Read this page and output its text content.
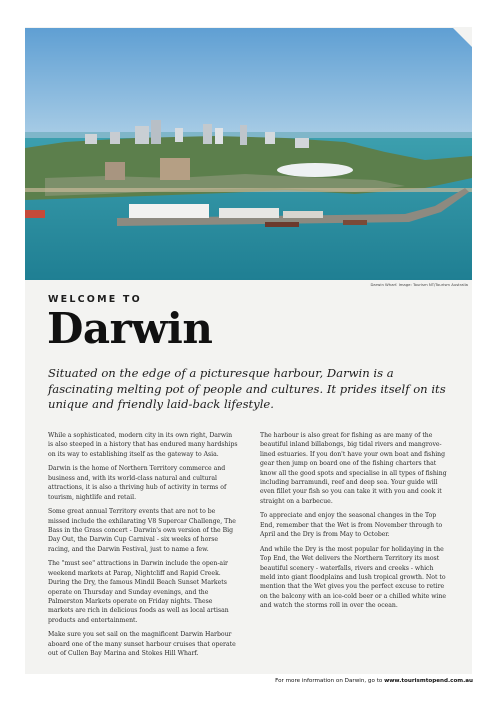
Darwin Wharf. Image: Tourism NT/Tourism Australia
WELCOME TO
Darwin

Situated on the edge of a picturesque harbour, Darwin is a fascinating melting pot of people and cultures. It prides itself on its unique and friendly laid-back lifestyle.

While a sophisticated, modern city in its own right, Darwin is also steeped in a history that has endured many hardships on its way to establishing itself as the gateway to Asia.

Darwin is the home of Northern Territory commerce and business and, with its world-class natural and cultural attractions, it is also a thriving hub of activity in terms of tourism, nightlife and retail.

Some great annual Territory events that are not to be missed include the exhilarating V8 Supercar Challenge, The Bass in the Grass concert - Darwin's own version of the Big Day Out, the Darwin Cup Carnival - six weeks of horse racing, and the Darwin Festival, just to name a few.

The "must see" attractions in Darwin include the open-air weekend markets at Parap, Nightcliff and Rapid Creek. During the Dry, the famous Mindil Beach Sunset Markets operate on Thursday and Sunday evenings, and the Palmerston Markets operate on Friday nights. These markets are rich in delicious foods as well as local artisan products and entertainment.

Make sure you set sail on the magnificent Darwin Harbour aboard one of the many sunset harbour cruises that operate out of Cullen Bay Marina and Stokes Hill Wharf.

The harbour is also great for fishing as are many of the beautiful inland billabongs, big tidal rivers and mangrove-lined estuaries. If you don't have your own boat and fishing gear then jump on board one of the fishing charters that know all the good spots and specialise in all types of fishing including barramundi, reef and deep sea. Your guide will even fillet your fish so you can take it with you and cook it straight on a barbecue.

To appreciate and enjoy the seasonal changes in the Top End, remember that the Wet is from November through to April and the Dry is from May to October.

And while the Dry is the most popular for holidaying in the Top End, the Wet delivers the Northern Territory its most beautiful scenery - waterfalls, rivers and creeks - which meld into giant floodplains and lush tropical growth. Not to mention that the Wet gives you the perfect excuse to retire on the balcony with an ice-cold beer or a chilled white wine and watch the storms roll in over the ocean.

For more information on Darwin, go to www.tourismtopend.com.au
